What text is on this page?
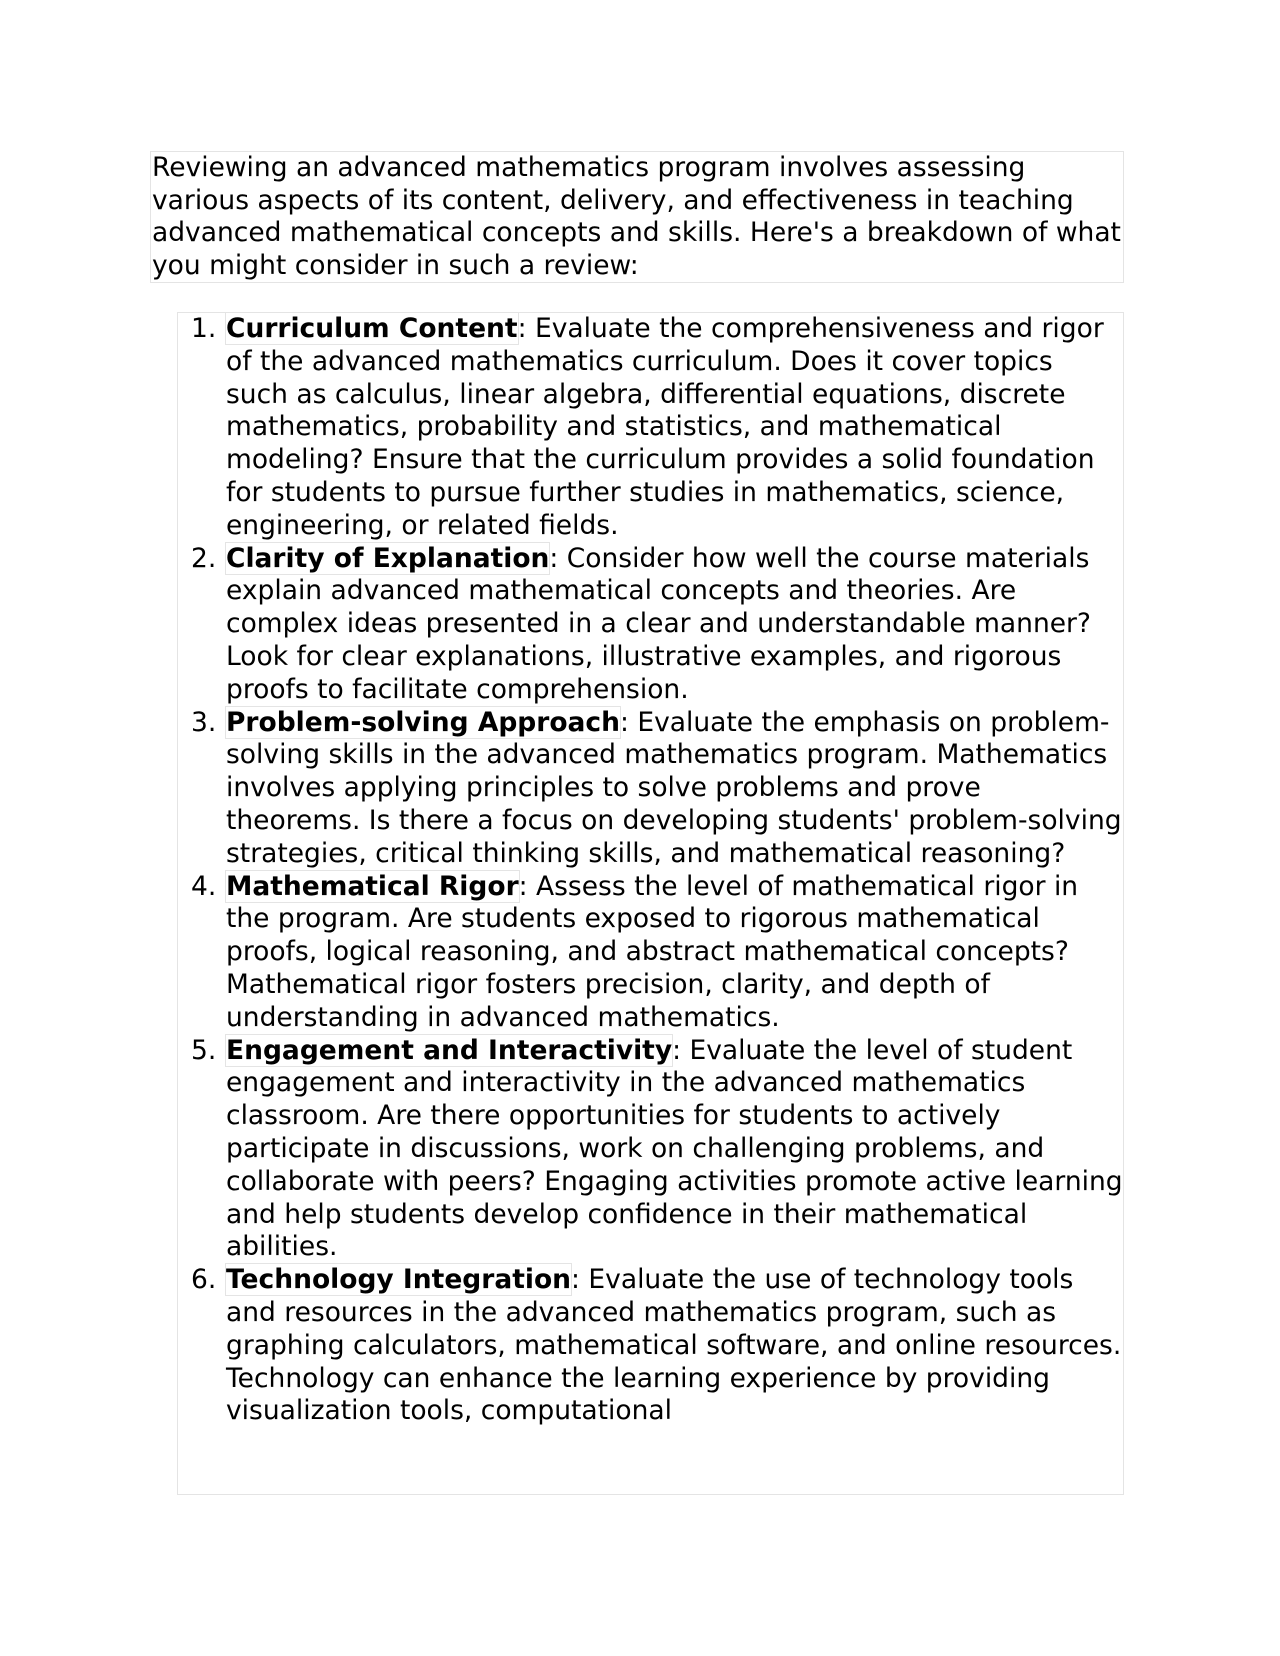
Reviewing an advanced mathematics program involves assessing various aspects of its content, delivery, and effectiveness in teaching advanced mathematical concepts and skills. Here's a breakdown of what you might consider in such a review:

Curriculum Content: Evaluate the comprehensiveness and rigor of the advanced mathematics curriculum. Does it cover topics such as calculus, linear algebra, differential equations, discrete mathematics, probability and statistics, and mathematical modeling? Ensure that the curriculum provides a solid foundation for students to pursue further studies in mathematics, science, engineering, or related fields.
Clarity of Explanation: Consider how well the course materials explain advanced mathematical concepts and theories. Are complex ideas presented in a clear and understandable manner? Look for clear explanations, illustrative examples, and rigorous proofs to facilitate comprehension.
Problem-solving Approach: Evaluate the emphasis on problem-solving skills in the advanced mathematics program. Mathematics involves applying principles to solve problems and prove theorems. Is there a focus on developing students' problem-solving strategies, critical thinking skills, and mathematical reasoning?
Mathematical Rigor: Assess the level of mathematical rigor in the program. Are students exposed to rigorous mathematical proofs, logical reasoning, and abstract mathematical concepts? Mathematical rigor fosters precision, clarity, and depth of understanding in advanced mathematics.
Engagement and Interactivity: Evaluate the level of student engagement and interactivity in the advanced mathematics classroom. Are there opportunities for students to actively participate in discussions, work on challenging problems, and collaborate with peers? Engaging activities promote active learning and help students develop confidence in their mathematical abilities.
Technology Integration: Evaluate the use of technology tools and resources in the advanced mathematics program, such as graphing calculators, mathematical software, and online resources. Technology can enhance the learning experience by providing visualization tools, computational
